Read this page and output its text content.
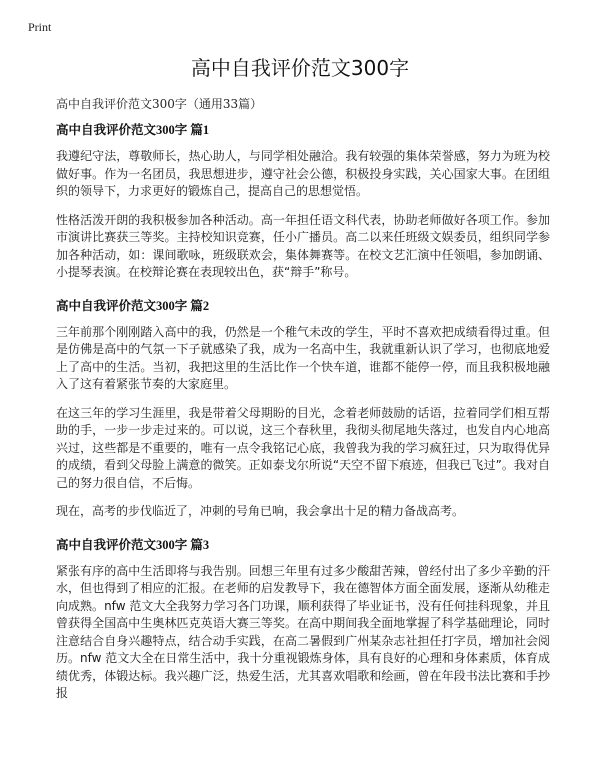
Print
高中自我评价范文300字
高中自我评价范文300字（通用33篇）
高中自我评价范文300字 篇1

我遵纪守法，尊敬师长，热心助人，与同学相处融洽。我有较强的集体荣誉感，努力为班为校做好事。作为一名团员，我思想进步，遵守社会公德，积极投身实践，关心国家大事。在团组织的领导下，力求更好的锻炼自己，提高自己的思想觉悟。

性格活泼开朗的我积极参加各种活动。高一年担任语文科代表，协助老师做好各项工作。参加市演讲比赛获三等奖。主持校知识竞赛，任小广播员。高二以来任班级文娱委员，组织同学参加各种活动，如：课间歌咏，班级联欢会，集体舞赛等。在校文艺汇演中任领唱，参加朗诵、小提琴表演。在校辩论赛在表现较出色，获“辩手”称号。

高中自我评价范文300字 篇2

三年前那个刚刚踏入高中的我，仍然是一个稚气未改的学生，平时不喜欢把成绩看得过重。但是仿佛是高中的气氛一下子就感染了我，成为一名高中生，我就重新认识了学习，也彻底地爱上了高中的生活。当初，我把这里的生活比作一个快车道，谁都不能停一停，而且我积极地融入了这有着紧张节奏的大家庭里。

在这三年的学习生涯里，我是带着父母期盼的目光，念着老师鼓励的话语，拉着同学们相互帮助的手，一步一步走过来的。可以说，这三个春秋里，我彻头彻尾地失落过，也发自内心地高兴过，这些都是不重要的，唯有一点令我铭记心底，我曾我为我的学习疯狂过，只为取得优异的成绩，看到父母脸上满意的微笑。正如泰戈尔所说“天空不留下痕迹，但我已飞过”。我对自己的努力很自信，不后悔。

现在，高考的步伐临近了，冲刺的号角已响，我会拿出十足的精力备战高考。

高中自我评价范文300字 篇3

紧张有序的高中生活即将与我告别。回想三年里有过多少酸甜苦辣，曾经付出了多少辛勤的汗水，但也得到了相应的汇报。在老师的启发教导下，我在德智体方面全面发展，逐渐从幼稚走向成熟。nfw 范文大全我努力学习各门功课，顺利获得了毕业证书，没有任何挂科现象，并且曾获得全国高中生奥林匹克英语大赛三等奖。在高中期间我全面地掌握了科学基础理论，同时注意结合自身兴趣特点，结合动手实践，在高二暑假到广州某杂志社担任打字员，增加社会阅历。nfw 范文大全在日常生活中，我十分重视锻炼身体，具有良好的心理和身体素质，体育成绩优秀，体锻达标。我兴趣广泛，热爱生活，尤其喜欢唱歌和绘画，曾在年段书法比赛和手抄报
